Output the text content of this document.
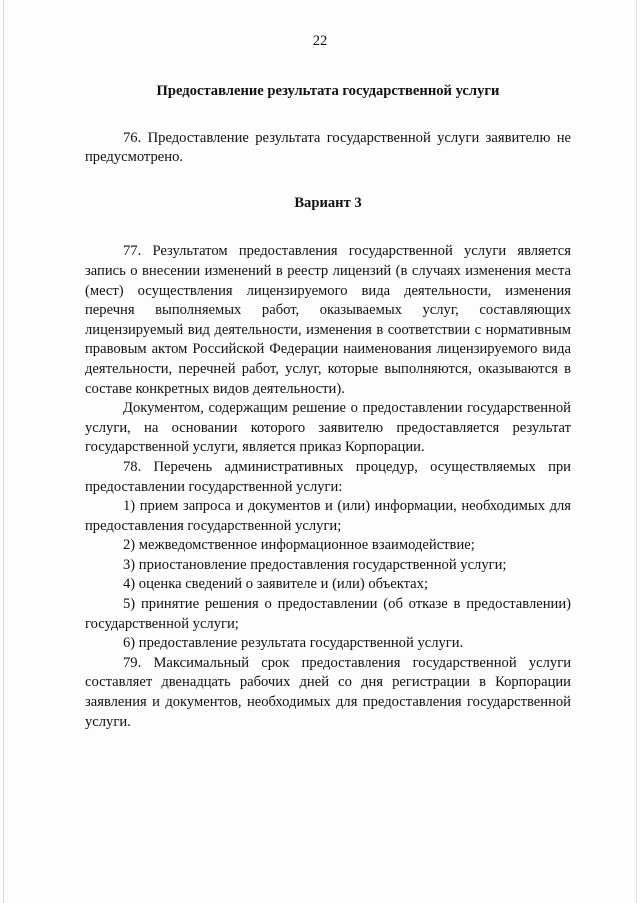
22
Предоставление результата государственной услуги

76. Предоставление результата государственной услуги заявителю не предусмотрено.

Вариант 3

77. Результатом предоставления государственной услуги является запись о внесении изменений в реестр лицензий (в случаях изменения места (мест) осуществления лицензируемого вида деятельности, изменения перечня выполняемых работ, оказываемых услуг, составляющих лицензируемый вид деятельности, изменения в соответствии с нормативным правовым актом Российской Федерации наименования лицензируемого вида деятельности, перечней работ, услуг, которые выполняются, оказываются в составе конкретных видов деятельности).

Документом, содержащим решение о предоставлении государственной услуги, на основании которого заявителю предоставляется результат государственной услуги, является приказ Корпорации.

78. Перечень административных процедур, осуществляемых при предоставлении государственной услуги:

1) прием запроса и документов и (или) информации, необходимых для предоставления государственной услуги;

2) межведомственное информационное взаимодействие;

3) приостановление предоставления государственной услуги;

4) оценка сведений о заявителе и (или) объектах;

5) принятие решения о предоставлении (об отказе в предоставлении) государственной услуги;

6) предоставление результата государственной услуги.

79. Максимальный срок предоставления государственной услуги составляет двенадцать рабочих дней со дня регистрации в Корпорации заявления и документов, необходимых для предоставления государственной услуги.
